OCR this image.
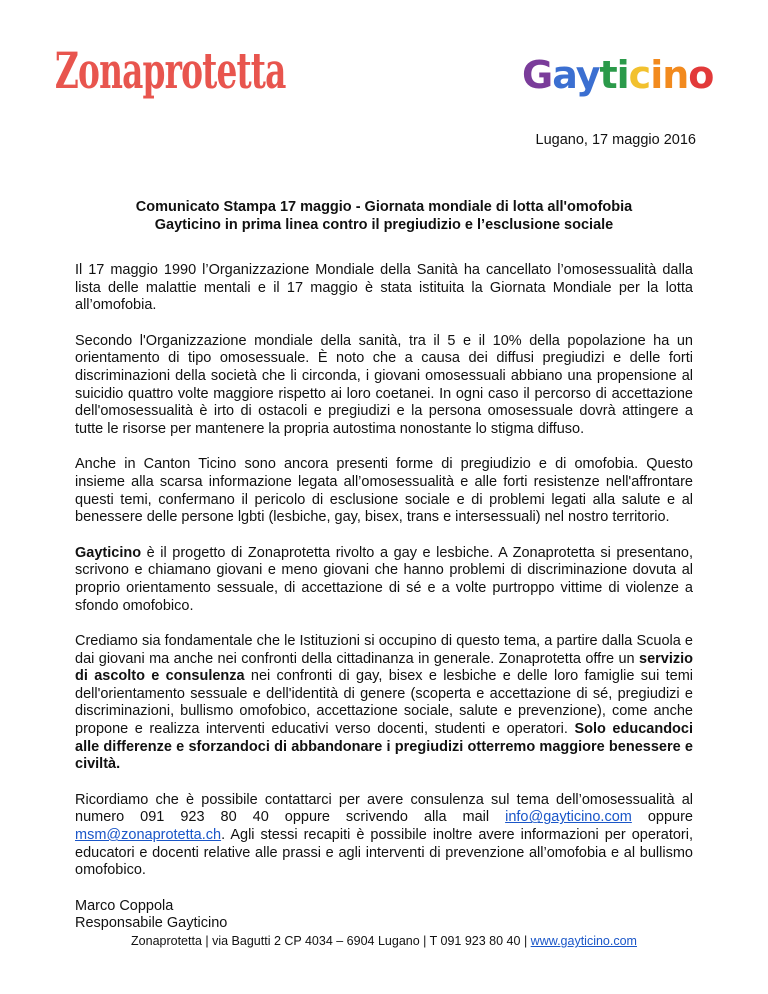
Zonaprotetta	Gayticino
Lugano, 17 maggio 2016
Comunicato Stampa 17 maggio - Giornata mondiale di lotta all'omofobia
Gayticino in prima linea contro il pregiudizio e l’esclusione sociale

Il 17 maggio 1990 l’Organizzazione Mondiale della Sanità ha cancellato l’omosessualità dalla lista delle malattie mentali e il 17 maggio è stata istituita la Giornata Mondiale per la lotta all’omofobia.

Secondo l'Organizzazione mondiale della sanità, tra il 5 e il 10% della popolazione ha un orientamento di tipo omosessuale. È noto che a causa dei diffusi pregiudizi e delle forti discriminazioni della società che li circonda, i giovani omosessuali abbiano una propensione al suicidio quattro volte maggiore rispetto ai loro coetanei. In ogni caso il percorso di accettazione dell'omosessualità è irto di ostacoli e pregiudizi e la persona omosessuale dovrà attingere a tutte le risorse per mantenere la propria autostima nonostante lo stigma diffuso.

Anche in Canton Ticino sono ancora presenti forme di pregiudizio e di omofobia. Questo insieme alla scarsa informazione legata all’omosessualità e alle forti resistenze nell'affrontare questi temi, confermano il pericolo di esclusione sociale e di problemi legati alla salute e al benessere delle persone lgbti (lesbiche, gay, bisex, trans e intersessuali) nel nostro territorio.

Gayticino è il progetto di Zonaprotetta rivolto a gay e lesbiche. A Zonaprotetta si presentano, scrivono e chiamano giovani e meno giovani che hanno problemi di discriminazione dovuta al proprio orientamento sessuale, di accettazione di sé e a volte purtroppo vittime di violenze a sfondo omofobico.

Crediamo sia fondamentale che le Istituzioni si occupino di questo tema, a partire dalla Scuola e dai giovani ma anche nei confronti della cittadinanza in generale. Zonaprotetta offre un servizio di ascolto e consulenza nei confronti di gay, bisex e lesbiche e delle loro famiglie sui temi dell'orientamento sessuale e dell'identità di genere (scoperta e accettazione di sé, pregiudizi e discriminazioni, bullismo omofobico, accettazione sociale, salute e prevenzione), come anche propone e realizza interventi educativi verso docenti, studenti e operatori. Solo educandoci alle differenze e sforzandoci di abbandonare i pregiudizi otterremo maggiore benessere e civiltà.

Ricordiamo che è possibile contattarci per avere consulenza sul tema dell’omosessualità al numero 091 923 80 40 oppure scrivendo alla mail info@gayticino.com oppure msm@zonaprotetta.ch. Agli stessi recapiti è possibile inoltre avere informazioni per operatori, educatori e docenti relative alle prassi e agli interventi di prevenzione all’omofobia e al bullismo omofobico.

Marco Coppola

Responsabile Gayticino

Zonaprotetta | via Bagutti 2 CP 4034 – 6904 Lugano | T 091 923 80 40 | www.gayticino.com
